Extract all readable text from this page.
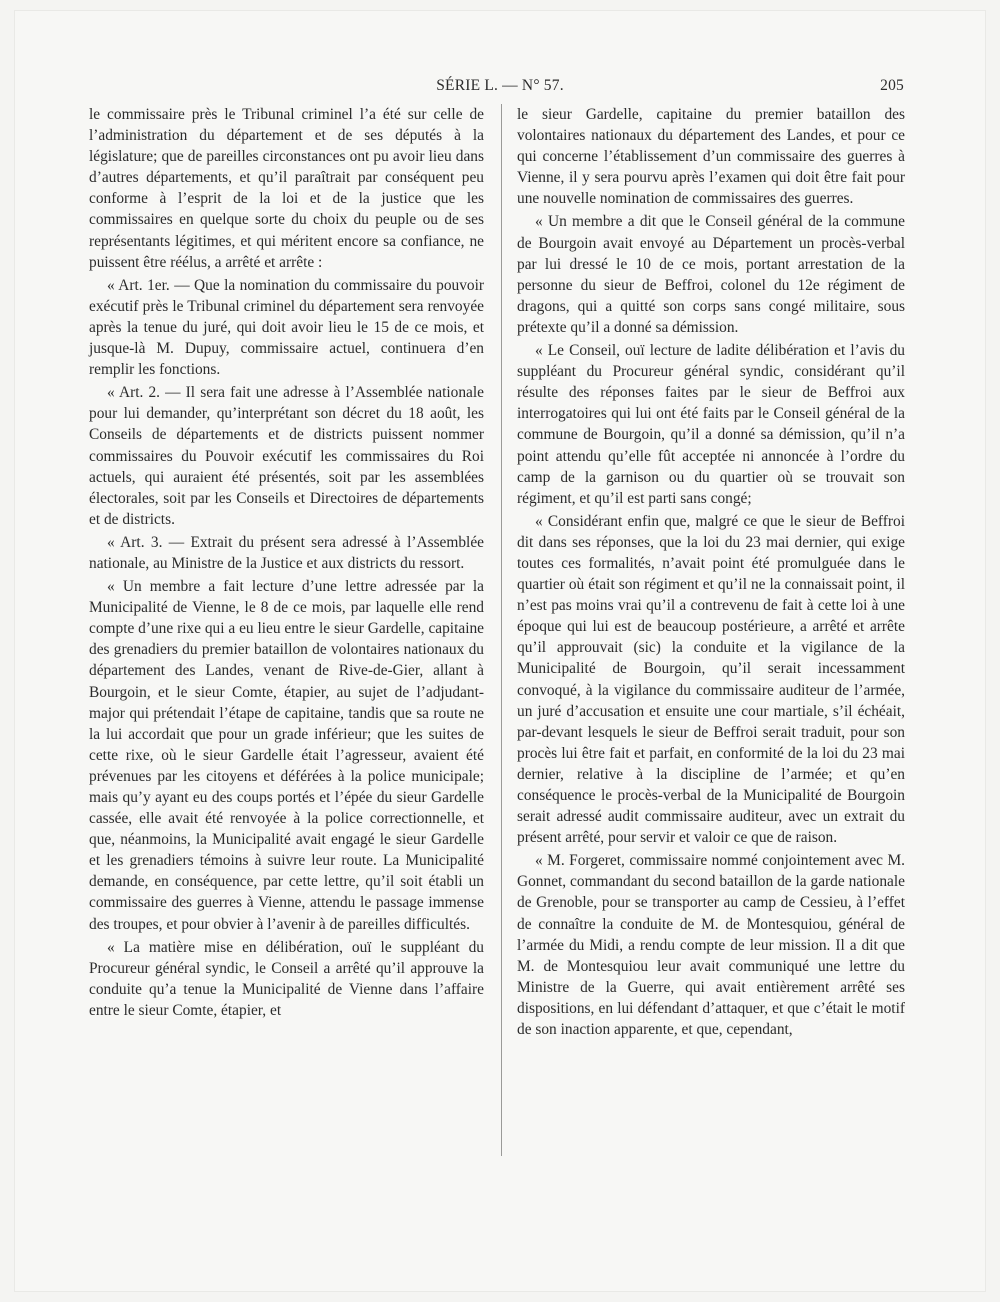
SÉRIE L. — N° 57.	205

le commissaire près le Tribunal criminel l’a été sur celle de l’administration du département et de ses députés à la législature; que de pareilles circonstances ont pu avoir lieu dans d’autres départements, et qu’il paraîtrait par conséquent peu conforme à l’esprit de la loi et de la justice que les commissaires en quelque sorte du choix du peuple ou de ses représentants légitimes, et qui méritent encore sa confiance, ne puissent être réélus, a arrêté et arrête :

« Art. 1er. — Que la nomination du commissaire du pouvoir exécutif près le Tribunal criminel du département sera renvoyée après la tenue du juré, qui doit avoir lieu le 15 de ce mois, et jusque-là M. Dupuy, commissaire actuel, continuera d’en remplir les fonctions.

« Art. 2. — Il sera fait une adresse à l’Assemblée nationale pour lui demander, qu’interprétant son décret du 18 août, les Conseils de départements et de districts puissent nommer commissaires du Pouvoir exécutif les commissaires du Roi actuels, qui auraient été présentés, soit par les assemblées électorales, soit par les Conseils et Directoires de départements et de districts.

« Art. 3. — Extrait du présent sera adressé à l’Assemblée nationale, au Ministre de la Justice et aux districts du ressort.

« Un membre a fait lecture d’une lettre adressée par la Municipalité de Vienne, le 8 de ce mois, par laquelle elle rend compte d’une rixe qui a eu lieu entre le sieur Gardelle, capitaine des grenadiers du premier bataillon de volontaires nationaux du département des Landes, venant de Rive-de-Gier, allant à Bourgoin, et le sieur Comte, étapier, au sujet de l’adjudant-major qui prétendait l’étape de capitaine, tandis que sa route ne la lui accordait que pour un grade inférieur; que les suites de cette rixe, où le sieur Gardelle était l’agresseur, avaient été prévenues par les citoyens et déférées à la police municipale; mais qu’y ayant eu des coups portés et l’épée du sieur Gardelle cassée, elle avait été renvoyée à la police correctionnelle, et que, néanmoins, la Municipalité avait engagé le sieur Gardelle et les grenadiers témoins à suivre leur route. La Municipalité demande, en conséquence, par cette lettre, qu’il soit établi un commissaire des guerres à Vienne, attendu le passage immense des troupes, et pour obvier à l’avenir à de pareilles difficultés.

« La matière mise en délibération, ouï le suppléant du Procureur général syndic, le Conseil a arrêté qu’il approuve la conduite qu’a tenue la Municipalité de Vienne dans l’affaire entre le sieur Comte, étapier, et

le sieur Gardelle, capitaine du premier bataillon des volontaires nationaux du département des Landes, et pour ce qui concerne l’établissement d’un commissaire des guerres à Vienne, il y sera pourvu après l’examen qui doit être fait pour une nouvelle nomination de commissaires des guerres.

« Un membre a dit que le Conseil général de la commune de Bourgoin avait envoyé au Département un procès-verbal par lui dressé le 10 de ce mois, portant arrestation de la personne du sieur de Beffroi, colonel du 12e régiment de dragons, qui a quitté son corps sans congé militaire, sous prétexte qu’il a donné sa démission.

« Le Conseil, ouï lecture de ladite délibération et l’avis du suppléant du Procureur général syndic, considérant qu’il résulte des réponses faites par le sieur de Beffroi aux interrogatoires qui lui ont été faits par le Conseil général de la commune de Bourgoin, qu’il a donné sa démission, qu’il n’a point attendu qu’elle fût acceptée ni annoncée à l’ordre du camp de la garnison ou du quartier où se trouvait son régiment, et qu’il est parti sans congé;

« Considérant enfin que, malgré ce que le sieur de Beffroi dit dans ses réponses, que la loi du 23 mai dernier, qui exige toutes ces formalités, n’avait point été promulguée dans le quartier où était son régiment et qu’il ne la connaissait point, il n’est pas moins vrai qu’il a contrevenu de fait à cette loi à une époque qui lui est de beaucoup postérieure, a arrêté et arrête qu’il approuvait (sic) la conduite et la vigilance de la Municipalité de Bourgoin, qu’il serait incessamment convoqué, à la vigilance du commissaire auditeur de l’armée, un juré d’accusation et ensuite une cour martiale, s’il échéait, par-devant lesquels le sieur de Beffroi serait traduit, pour son procès lui être fait et parfait, en conformité de la loi du 23 mai dernier, relative à la discipline de l’armée; et qu’en conséquence le procès-verbal de la Municipalité de Bourgoin serait adressé audit commissaire auditeur, avec un extrait du présent arrêté, pour servir et valoir ce que de raison.

« M. Forgeret, commissaire nommé conjointement avec M. Gonnet, commandant du second bataillon de la garde nationale de Grenoble, pour se transporter au camp de Cessieu, à l’effet de connaître la conduite de M. de Montesquiou, général de l’armée du Midi, a rendu compte de leur mission. Il a dit que M. de Montesquiou leur avait communiqué une lettre du Ministre de la Guerre, qui avait entièrement arrêté ses dispositions, en lui défendant d’attaquer, et que c’était le motif de son inaction apparente, et que, cependant,
